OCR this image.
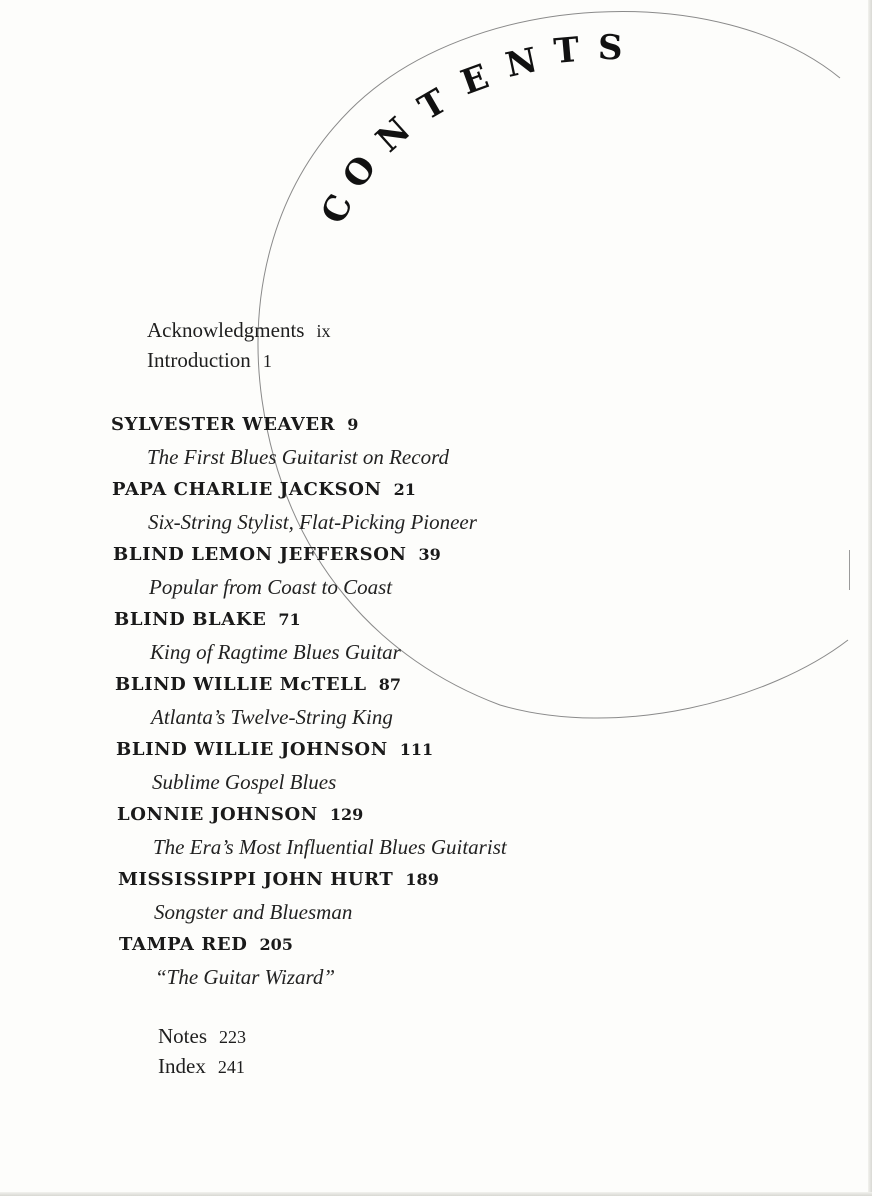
C
O
N
T
E N T S
Acknowledgments ix
Introduction 1
SYLVESTER WEAVER 9
The First Blues Guitarist on Record
PAPA CHARLIE JACKSON 21
Six-String Stylist, Flat-Picking Pioneer
BLIND LEMON JEFFERSON 39
Popular from Coast to Coast
BLIND BLAKE 71
King of Ragtime Blues Guitar
BLIND WILLIE McTELL 87
Atlanta’s Twelve-String King
BLIND WILLIE JOHNSON 111
Sublime Gospel Blues
LONNIE JOHNSON 129
The Era’s Most Influential Blues Guitarist
MISSISSIPPI JOHN HURT 189
Songster and Bluesman
TAMPA RED 205
“The Guitar Wizard”
Notes 223
Index 241
